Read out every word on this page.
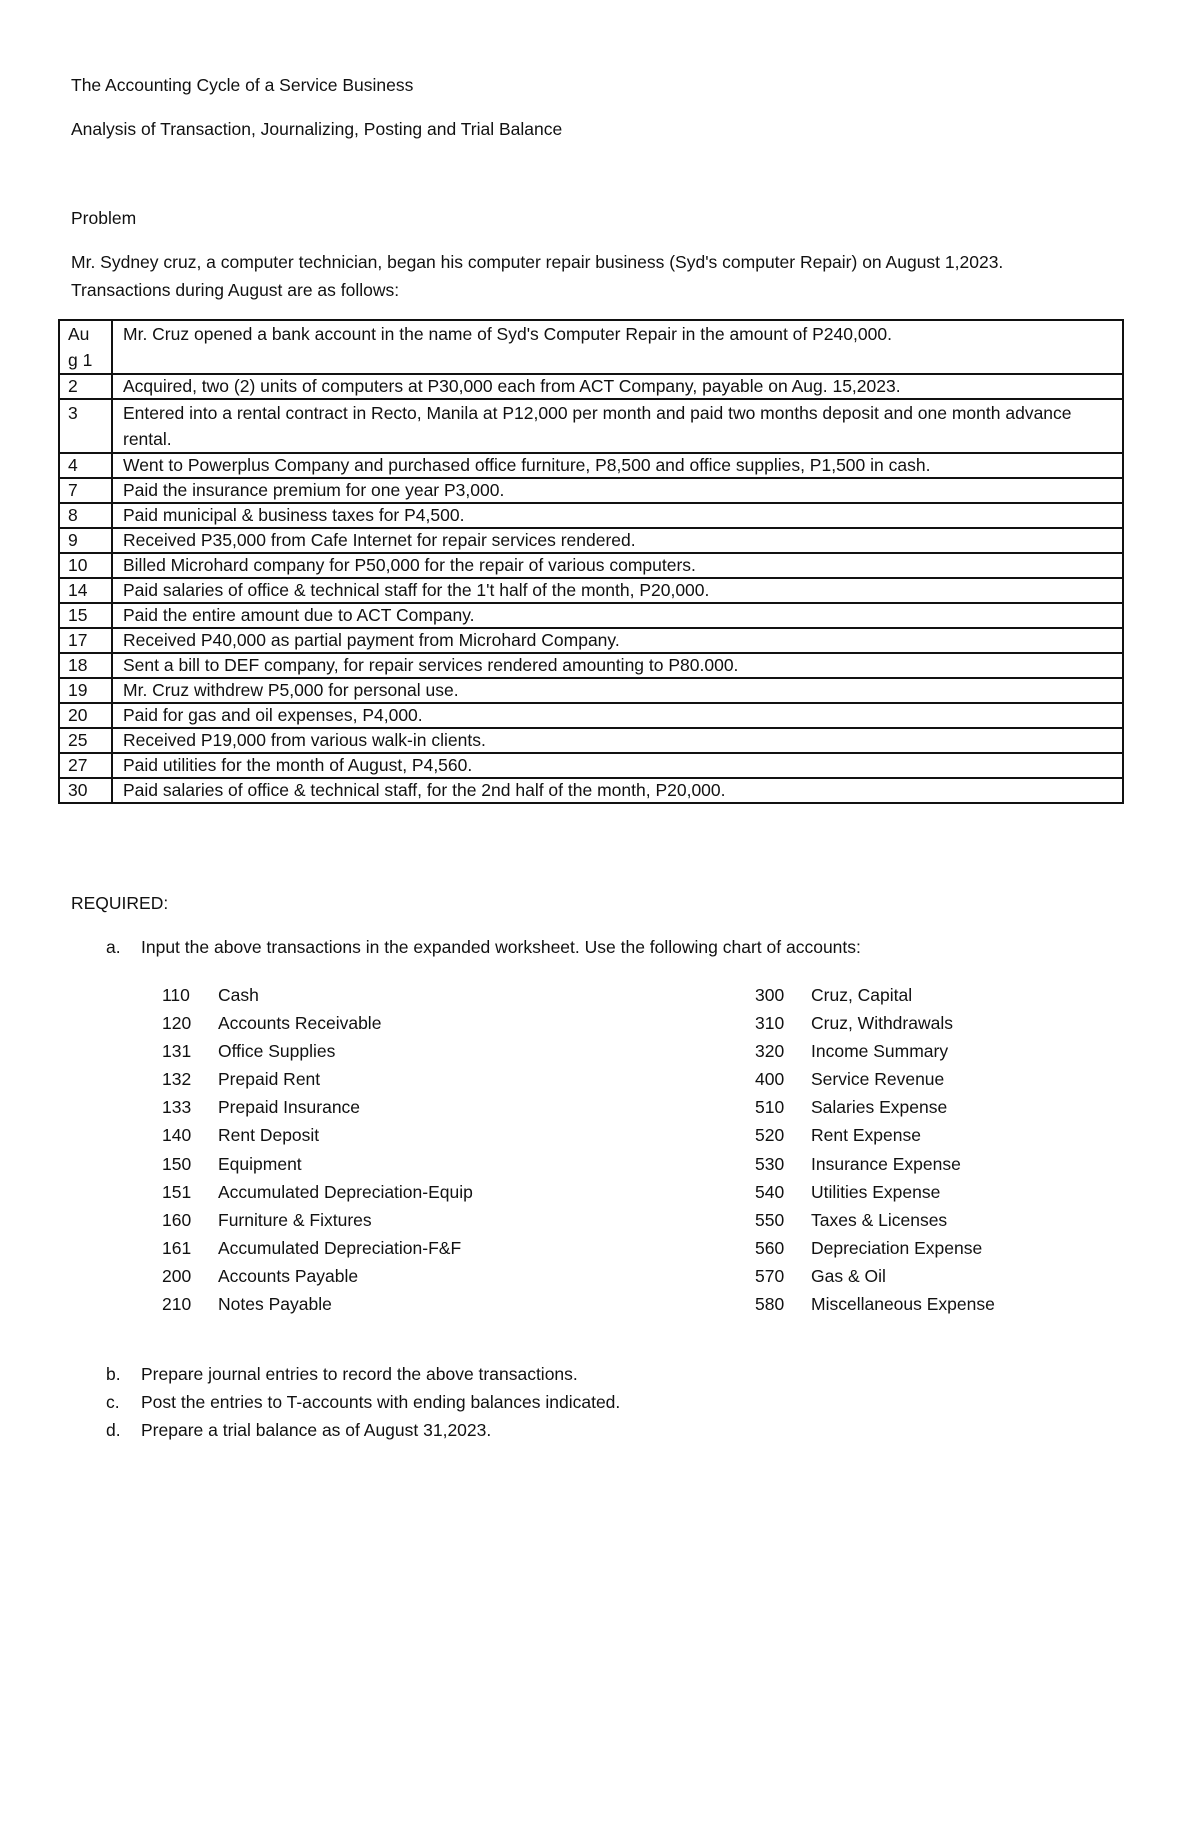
The Accounting Cycle of a Service Business
Analysis of Transaction, Journalizing, Posting and Trial Balance
Problem
Mr. Sydney cruz, a computer technician, began his computer repair business (Syd's computer Repair) on August 1,2023.
Transactions during August are as follows:
Au
g 1	Mr. Cruz opened a bank account in the name of Syd's Computer Repair in the amount of P240,000.
2	Acquired, two (2) units of computers at P30,000 each from ACT Company, payable on Aug. 15,2023.
3	Entered into a rental contract in Recto, Manila at P12,000 per month and paid two months deposit and one month advance rental.
4	Went to Powerplus Company and purchased office furniture, P8,500 and office supplies, P1,500 in cash.
7	Paid the insurance premium for one year P3,000.
8	Paid municipal & business taxes for P4,500.
9	Received P35,000 from Cafe Internet for repair services rendered.
10	Billed Microhard company for P50,000 for the repair of various computers.
14	Paid salaries of office & technical staff for the 1't half of the month, P20,000.
15	Paid the entire amount due to ACT Company.
17	Received P40,000 as partial payment from Microhard Company.
18	Sent a bill to DEF company, for repair services rendered amounting to P80.000.
19	Mr. Cruz withdrew P5,000 for personal use.
20	Paid for gas and oil expenses, P4,000.
25	Received P19,000 from various walk-in clients.
27	Paid utilities for the month of August, P4,560.
30	Paid salaries of office & technical staff, for the 2nd half of the month, P20,000.
REQUIRED:
a. Input the above transactions in the expanded worksheet. Use the following chart of accounts:
110 Cash
120 Accounts Receivable
131 Office Supplies
132 Prepaid Rent
133 Prepaid Insurance
140 Rent Deposit
150 Equipment
151 Accumulated Depreciation-Equip
160 Furniture & Fixtures
161 Accumulated Depreciation-F&F
200 Accounts Payable
210 Notes Payable
300 Cruz, Capital
310 Cruz, Withdrawals
320 Income Summary
400 Service Revenue
510 Salaries Expense
520 Rent Expense
530 Insurance Expense
540 Utilities Expense
550 Taxes & Licenses
560 Depreciation Expense
570 Gas & Oil
580 Miscellaneous Expense
b. Prepare journal entries to record the above transactions.
c. Post the entries to T-accounts with ending balances indicated.
d. Prepare a trial balance as of August 31,2023.
